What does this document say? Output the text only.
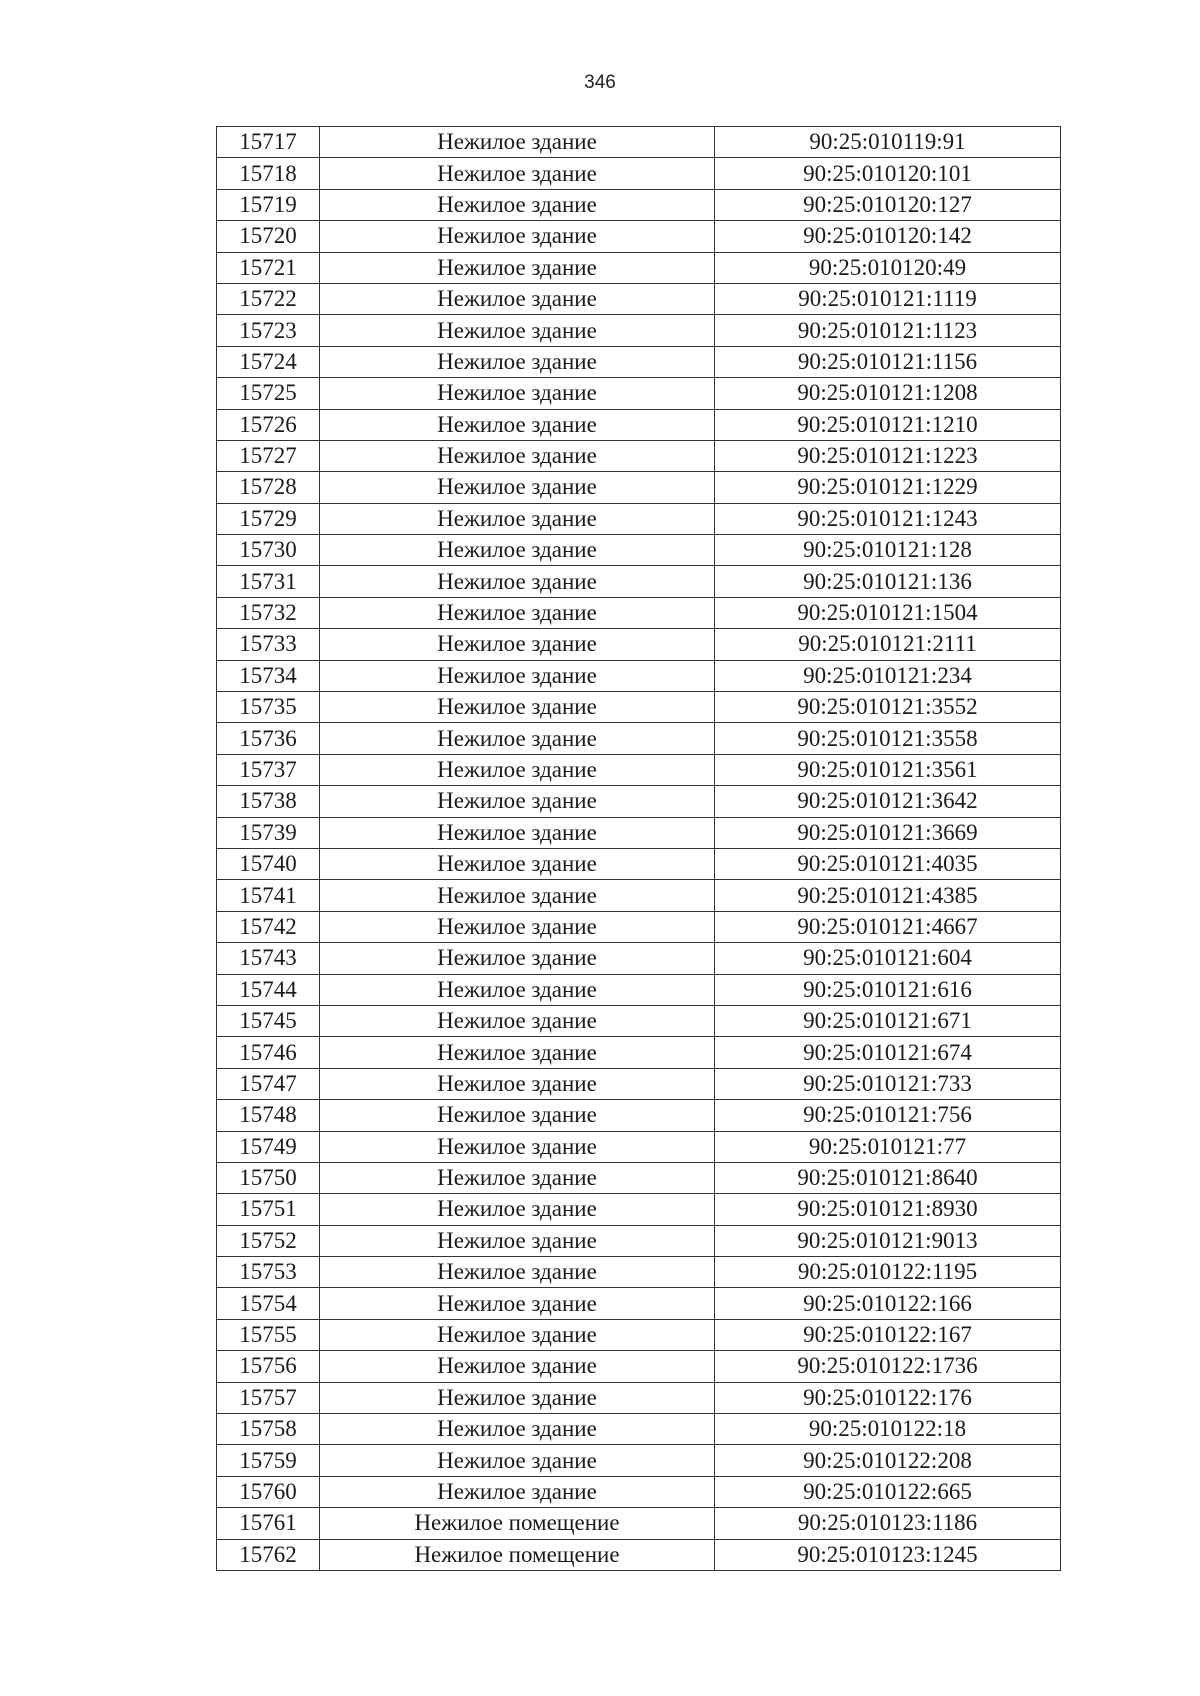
346
15717	Нежилое здание	90:25:010119:91
15718	Нежилое здание	90:25:010120:101
15719	Нежилое здание	90:25:010120:127
15720	Нежилое здание	90:25:010120:142
15721	Нежилое здание	90:25:010120:49
15722	Нежилое здание	90:25:010121:1119
15723	Нежилое здание	90:25:010121:1123
15724	Нежилое здание	90:25:010121:1156
15725	Нежилое здание	90:25:010121:1208
15726	Нежилое здание	90:25:010121:1210
15727	Нежилое здание	90:25:010121:1223
15728	Нежилое здание	90:25:010121:1229
15729	Нежилое здание	90:25:010121:1243
15730	Нежилое здание	90:25:010121:128
15731	Нежилое здание	90:25:010121:136
15732	Нежилое здание	90:25:010121:1504
15733	Нежилое здание	90:25:010121:2111
15734	Нежилое здание	90:25:010121:234
15735	Нежилое здание	90:25:010121:3552
15736	Нежилое здание	90:25:010121:3558
15737	Нежилое здание	90:25:010121:3561
15738	Нежилое здание	90:25:010121:3642
15739	Нежилое здание	90:25:010121:3669
15740	Нежилое здание	90:25:010121:4035
15741	Нежилое здание	90:25:010121:4385
15742	Нежилое здание	90:25:010121:4667
15743	Нежилое здание	90:25:010121:604
15744	Нежилое здание	90:25:010121:616
15745	Нежилое здание	90:25:010121:671
15746	Нежилое здание	90:25:010121:674
15747	Нежилое здание	90:25:010121:733
15748	Нежилое здание	90:25:010121:756
15749	Нежилое здание	90:25:010121:77
15750	Нежилое здание	90:25:010121:8640
15751	Нежилое здание	90:25:010121:8930
15752	Нежилое здание	90:25:010121:9013
15753	Нежилое здание	90:25:010122:1195
15754	Нежилое здание	90:25:010122:166
15755	Нежилое здание	90:25:010122:167
15756	Нежилое здание	90:25:010122:1736
15757	Нежилое здание	90:25:010122:176
15758	Нежилое здание	90:25:010122:18
15759	Нежилое здание	90:25:010122:208
15760	Нежилое здание	90:25:010122:665
15761	Нежилое помещение	90:25:010123:1186
15762	Нежилое помещение	90:25:010123:1245
